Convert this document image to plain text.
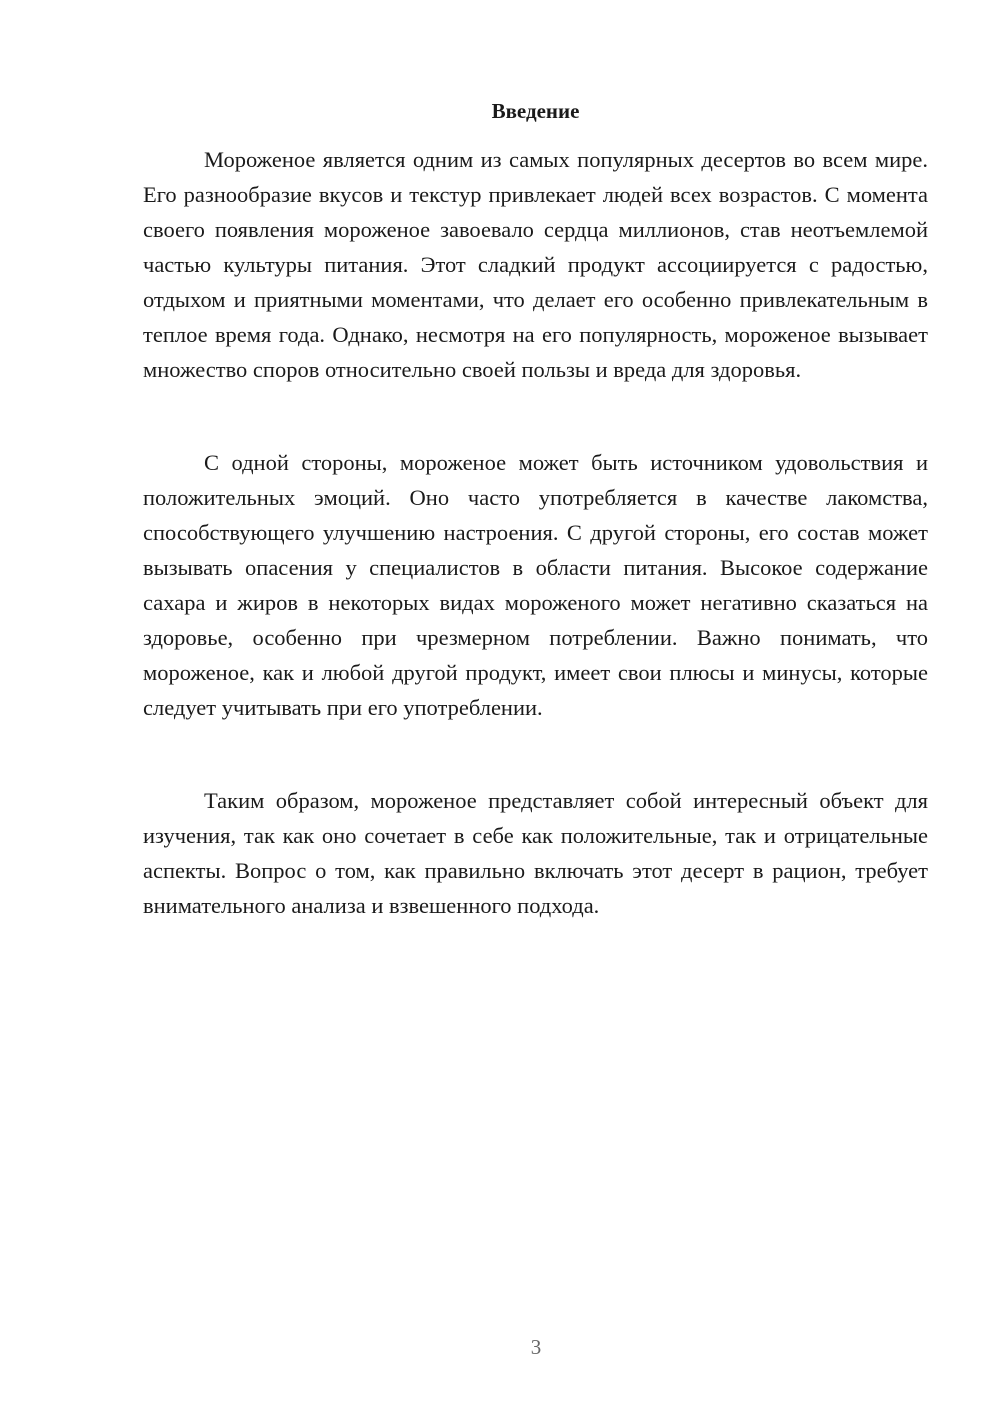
Введение

Мороженое является одним из самых популярных десертов во всем мире. Его разнообразие вкусов и текстур привлекает людей всех возрастов. С момента своего появления мороженое завоевало сердца миллионов, став неотъемлемой частью культуры питания. Этот сладкий продукт ассоциируется с радостью, отдыхом и приятными моментами, что делает его особенно привлекательным в теплое время года. Однако, несмотря на его популярность, мороженое вызывает множество споров относительно своей пользы и вреда для здоровья.

С одной стороны, мороженое может быть источником удовольствия и положительных эмоций. Оно часто употребляется в качестве лакомства, способствующего улучшению настроения. С другой стороны, его состав может вызывать опасения у специалистов в области питания. Высокое содержание сахара и жиров в некоторых видах мороженого может негативно сказаться на здоровье, особенно при чрезмерном потреблении. Важно понимать, что мороженое, как и любой другой продукт, имеет свои плюсы и минусы, которые следует учитывать при его употреблении.

Таким образом, мороженое представляет собой интересный объект для изучения, так как оно сочетает в себе как положительные, так и отрицательные аспекты. Вопрос о том, как правильно включать этот десерт в рацион, требует внимательного анализа и взвешенного подхода.

3
